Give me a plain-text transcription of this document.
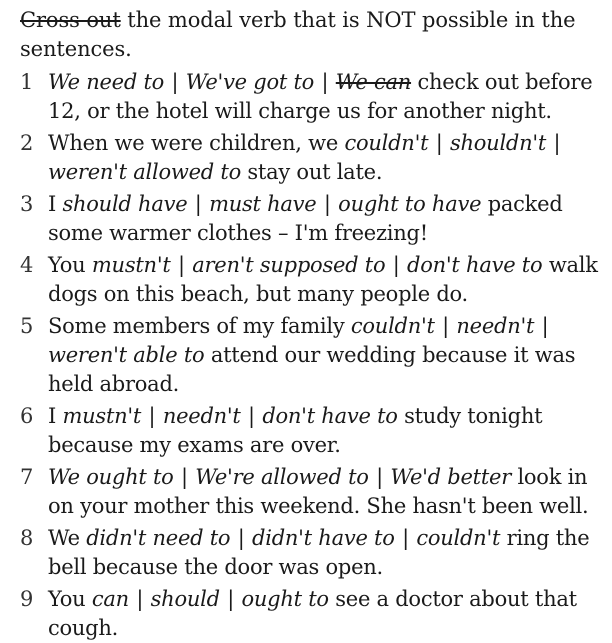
Cross out the modal verb that is NOT possible in the sentences.

1 We need to | We've got to | We can check out before 12, or the hotel will charge us for another night.
2 When we were children, we couldn't | shouldn't | weren't allowed to stay out late.
3 I should have | must have | ought to have packed some warmer clothes – I'm freezing!
4 You mustn't | aren't supposed to | don't have to walk dogs on this beach, but many people do.
5 Some members of my family couldn't | needn't | weren't able to attend our wedding because it was held abroad.
6 I mustn't | needn't | don't have to study tonight because my exams are over.
7 We ought to | We're allowed to | We'd better look in on your mother this weekend. She hasn't been well.
8 We didn't need to | didn't have to | couldn't ring the bell because the door was open.
9 You can | should | ought to see a doctor about that cough.
